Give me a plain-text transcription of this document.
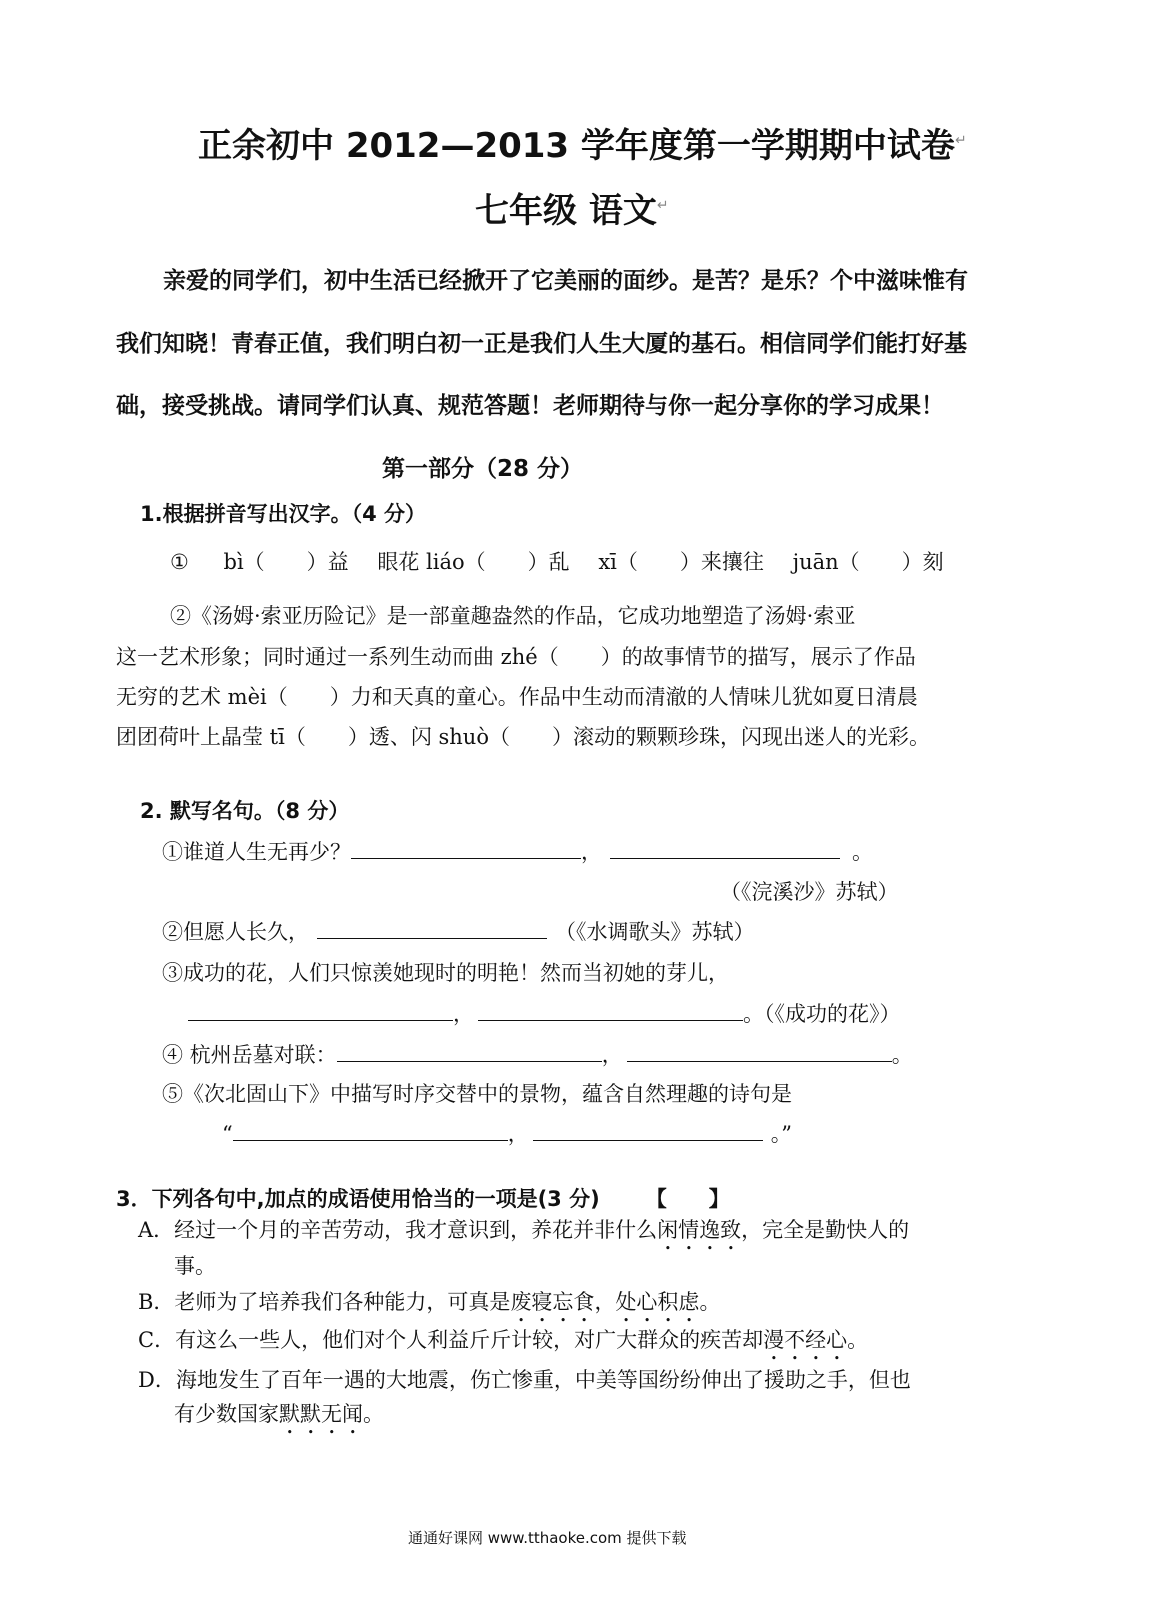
正余初中 2012—2013 学年度第一学期期中试卷↵
七年级 语文↵
亲爱的同学们，初中生活已经掀开了它美丽的面纱。是苦？是乐？个中滋味惟有
我们知晓！青春正值，我们明白初一正是我们人生大厦的基石。相信同学们能打好基
础，接受挑战。请同学们认真、规范答题！老师期待与你一起分享你的学习成果！
第一部分（28 分）
1.根据拼音写出汉字。（4 分）
① bì（　　）益 眼花 liáo（　　）乱 xī（　　）来攘往 juān（　　）刻
②《汤姆·索亚历险记》是一部童趣盎然的作品，它成功地塑造了汤姆·索亚
这一艺术形象；同时通过一系列生动而曲 zhé（　　）的故事情节的描写，展示了作品
无穷的艺术 mèi（　　）力和天真的童心。作品中生动而清澈的人情味儿犹如夏日清晨
团团荷叶上晶莹 tī（　　）透、闪 shuò（　　）滚动的颗颗珍珠，闪现出迷人的光彩。
2. 默写名句。（8 分）
①谁道人生无再少？	，	。
（《浣溪沙》苏轼）
②但愿人长久，	（《水调歌头》苏轼）
③成功的花，人们只惊羡她现时的明艳！然而当初她的芽儿，
，	。（《成功的花》）
④ 杭州岳墓对联：	，	。
⑤《次北固山下》中描写时序交替中的景物，蕴含自然理趣的诗句是
“	，	。”
3．下列各句中,加点的成语使用恰当的一项是(3 分) 【　　】
A．经过一个月的辛苦劳动，我才意识到，养花并非什么闲情逸致，完全是勤快人的
事。
B．老师为了培养我们各种能力，可真是废寝忘食，处心积虑。
C．有这么一些人，他们对个人利益斤斤计较，对广大群众的疾苦却漫不经心。
D．海地发生了百年一遇的大地震，伤亡惨重，中美等国纷纷伸出了援助之手，但也
有少数国家默默无闻。
通通好课网 www.tthaoke.com 提供下载
